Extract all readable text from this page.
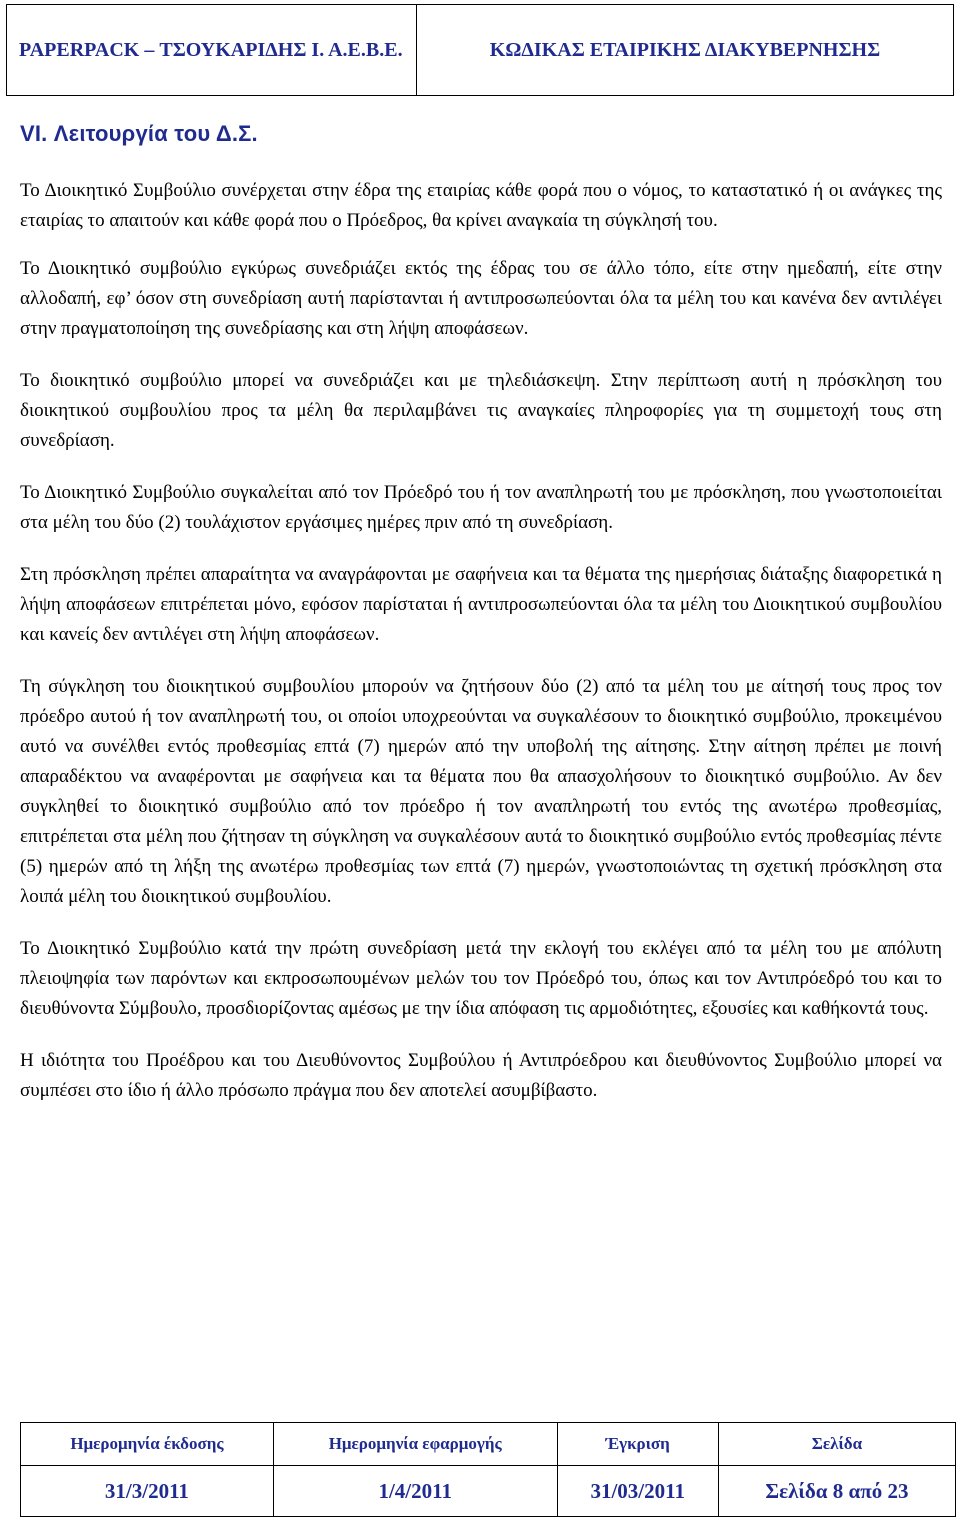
PAPERPACK – ΤΣΟΥΚΑΡΙΔΗΣ Ι. Α.Ε.Β.Ε.	ΚΩΔΙΚΑΣ ΕΤΑΙΡΙΚΗΣ ΔΙΑΚΥΒΕΡΝΗΣΗΣ
VI. Λειτουργία του Δ.Σ.

Το Διοικητικό Συμβούλιο συνέρχεται στην έδρα της εταιρίας κάθε φορά που ο νόμος, το καταστατικό ή οι ανάγκες της εταιρίας το απαιτούν και κάθε φορά που ο Πρόεδρος, θα κρίνει αναγκαία τη σύγκλησή του.

Το Διοικητικό συμβούλιο εγκύρως συνεδριάζει εκτός της έδρας του σε άλλο τόπο, είτε στην ημεδαπή, είτε στην αλλοδαπή, εφ’ όσον στη συνεδρίαση αυτή παρίστανται ή αντιπροσωπεύονται όλα τα μέλη του και κανένα δεν αντιλέγει στην πραγματοποίηση της συνεδρίασης και στη λήψη αποφάσεων.

Το διοικητικό συμβούλιο μπορεί να συνεδριάζει και με τηλεδιάσκεψη. Στην περίπτωση αυτή η πρόσκληση του διοικητικού συμβουλίου προς τα μέλη θα περιλαμβάνει τις αναγκαίες πληροφορίες για τη συμμετοχή τους στη συνεδρίαση.

Το Διοικητικό Συμβούλιο συγκαλείται από τον Πρόεδρό του ή τον αναπληρωτή του με πρόσκληση, που γνωστοποιείται στα μέλη του δύο (2) τουλάχιστον εργάσιμες ημέρες πριν από τη συνεδρίαση.

Στη πρόσκληση πρέπει απαραίτητα να αναγράφονται με σαφήνεια και τα θέματα της ημερήσιας διάταξης διαφορετικά η λήψη αποφάσεων επιτρέπεται μόνο, εφόσον παρίσταται ή αντιπροσωπεύονται όλα τα μέλη του Διοικητικού συμβουλίου και κανείς δεν αντιλέγει στη λήψη αποφάσεων.

Τη σύγκληση του διοικητικού συμβουλίου μπορούν να ζητήσουν δύο (2) από τα μέλη του με αίτησή τους προς τον πρόεδρο αυτού ή τον αναπληρωτή του, οι οποίοι υποχρεούνται να συγκαλέσουν το διοικητικό συμβούλιο, προκειμένου αυτό να συνέλθει εντός προθεσμίας επτά (7) ημερών από την υποβολή της αίτησης. Στην αίτηση πρέπει με ποινή απαραδέκτου να αναφέρονται με σαφήνεια και τα θέματα που θα απασχολήσουν το διοικητικό συμβούλιο. Αν δεν συγκληθεί το διοικητικό συμβούλιο από τον πρόεδρο ή τον αναπληρωτή του εντός της ανωτέρω προθεσμίας, επιτρέπεται στα μέλη που ζήτησαν τη σύγκληση να συγκαλέσουν αυτά το διοικητικό συμβούλιο εντός προθεσμίας πέντε (5) ημερών από τη λήξη της ανωτέρω προθεσμίας των επτά (7) ημερών, γνωστοποιώντας τη σχετική πρόσκληση στα λοιπά μέλη του διοικητικού συμβουλίου.

Το Διοικητικό Συμβούλιο κατά την πρώτη συνεδρίαση μετά την εκλογή του εκλέγει από τα μέλη του με απόλυτη πλειοψηφία των παρόντων και εκπροσωπουμένων μελών του τον Πρόεδρό του, όπως και τον Αντιπρόεδρό του και το διευθύνοντα Σύμβουλο, προσδιορίζοντας αμέσως με την ίδια απόφαση τις αρμοδιότητες, εξουσίες και καθήκοντά τους.

Η ιδιότητα του Προέδρου και του Διευθύνοντος Συμβούλου ή Αντιπρόεδρου και διευθύνοντος Συμβούλιο μπορεί να συμπέσει στο ίδιο ή άλλο πρόσωπο πράγμα που δεν αποτελεί ασυμβίβαστο.

Ημερομηνία έκδοσης	Ημερομηνία εφαρμογής	Έγκριση	Σελίδα
31/3/2011	1/4/2011	31/03/2011	Σελίδα 8 από 23
